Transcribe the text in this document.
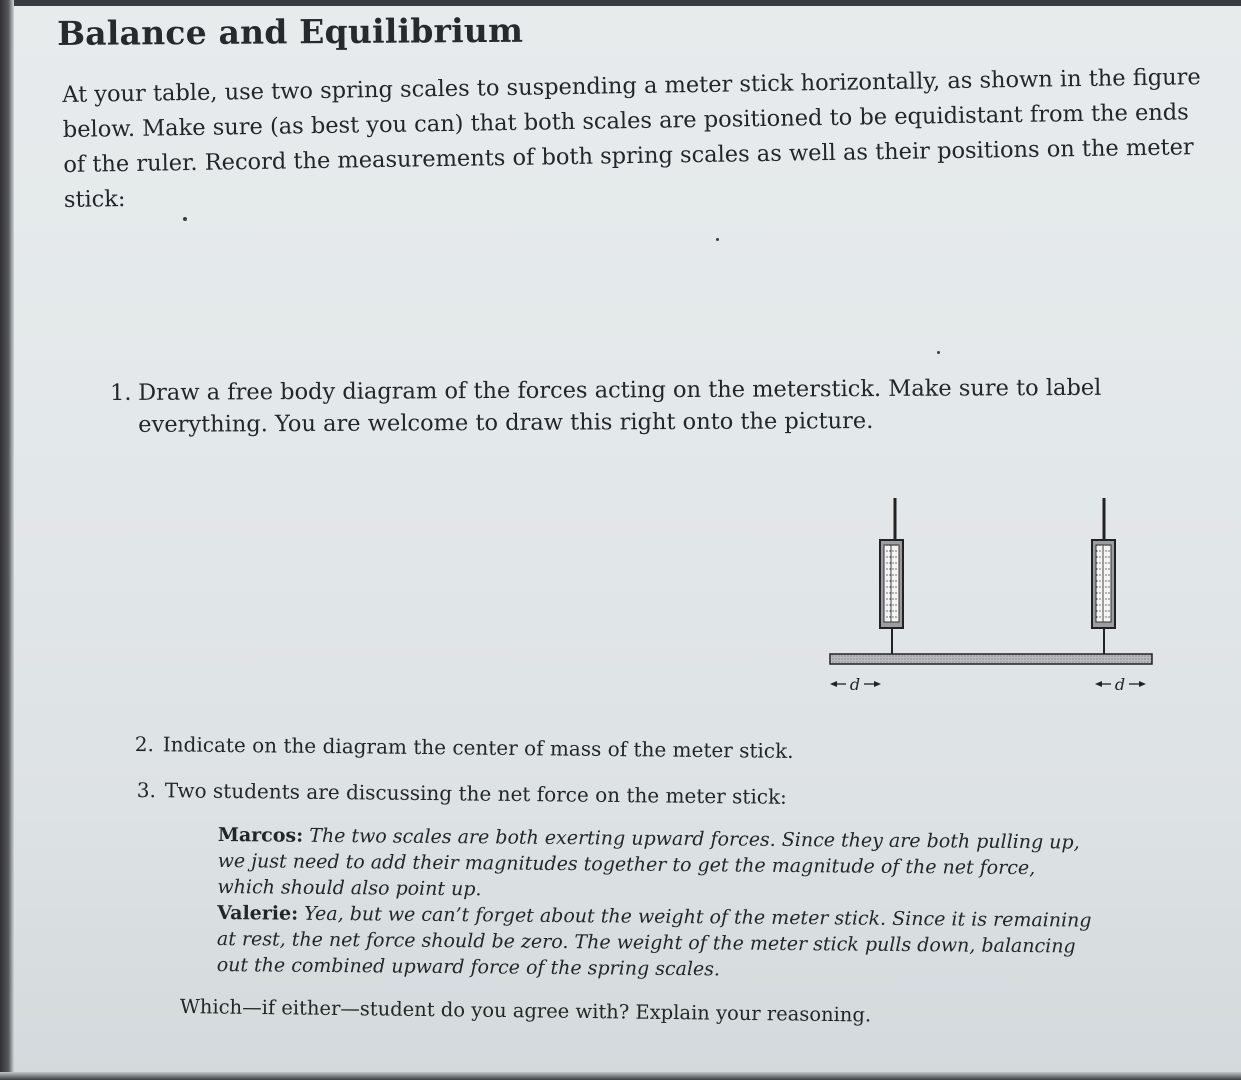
Balance and Equilibrium
At your table, use two spring scales to suspending a meter stick horizontally, as shown in the figure below. Make sure (as best you can) that both scales are positioned to be equidistant from the ends of the ruler. Record the measurements of both spring scales as well as their positions on the meter stick:
1. Draw a free body diagram of the forces acting on the meterstick. Make sure to label everything. You are welcome to draw this right onto the picture.
d	d
2. Indicate on the diagram the center of mass of the meter stick.
3. Two students are discussing the net force on the meter stick:

Marcos: The two scales are both exerting upward forces. Since they are both pulling up, we just need to add their magnitudes together to get the magnitude of the net force, which should also point up.

Valerie: Yea, but we can’t forget about the weight of the meter stick. Since it is remaining at rest, the net force should be zero. The weight of the meter stick pulls down, balancing out the combined upward force of the spring scales.

Which—if either—student do you agree with? Explain your reasoning.
